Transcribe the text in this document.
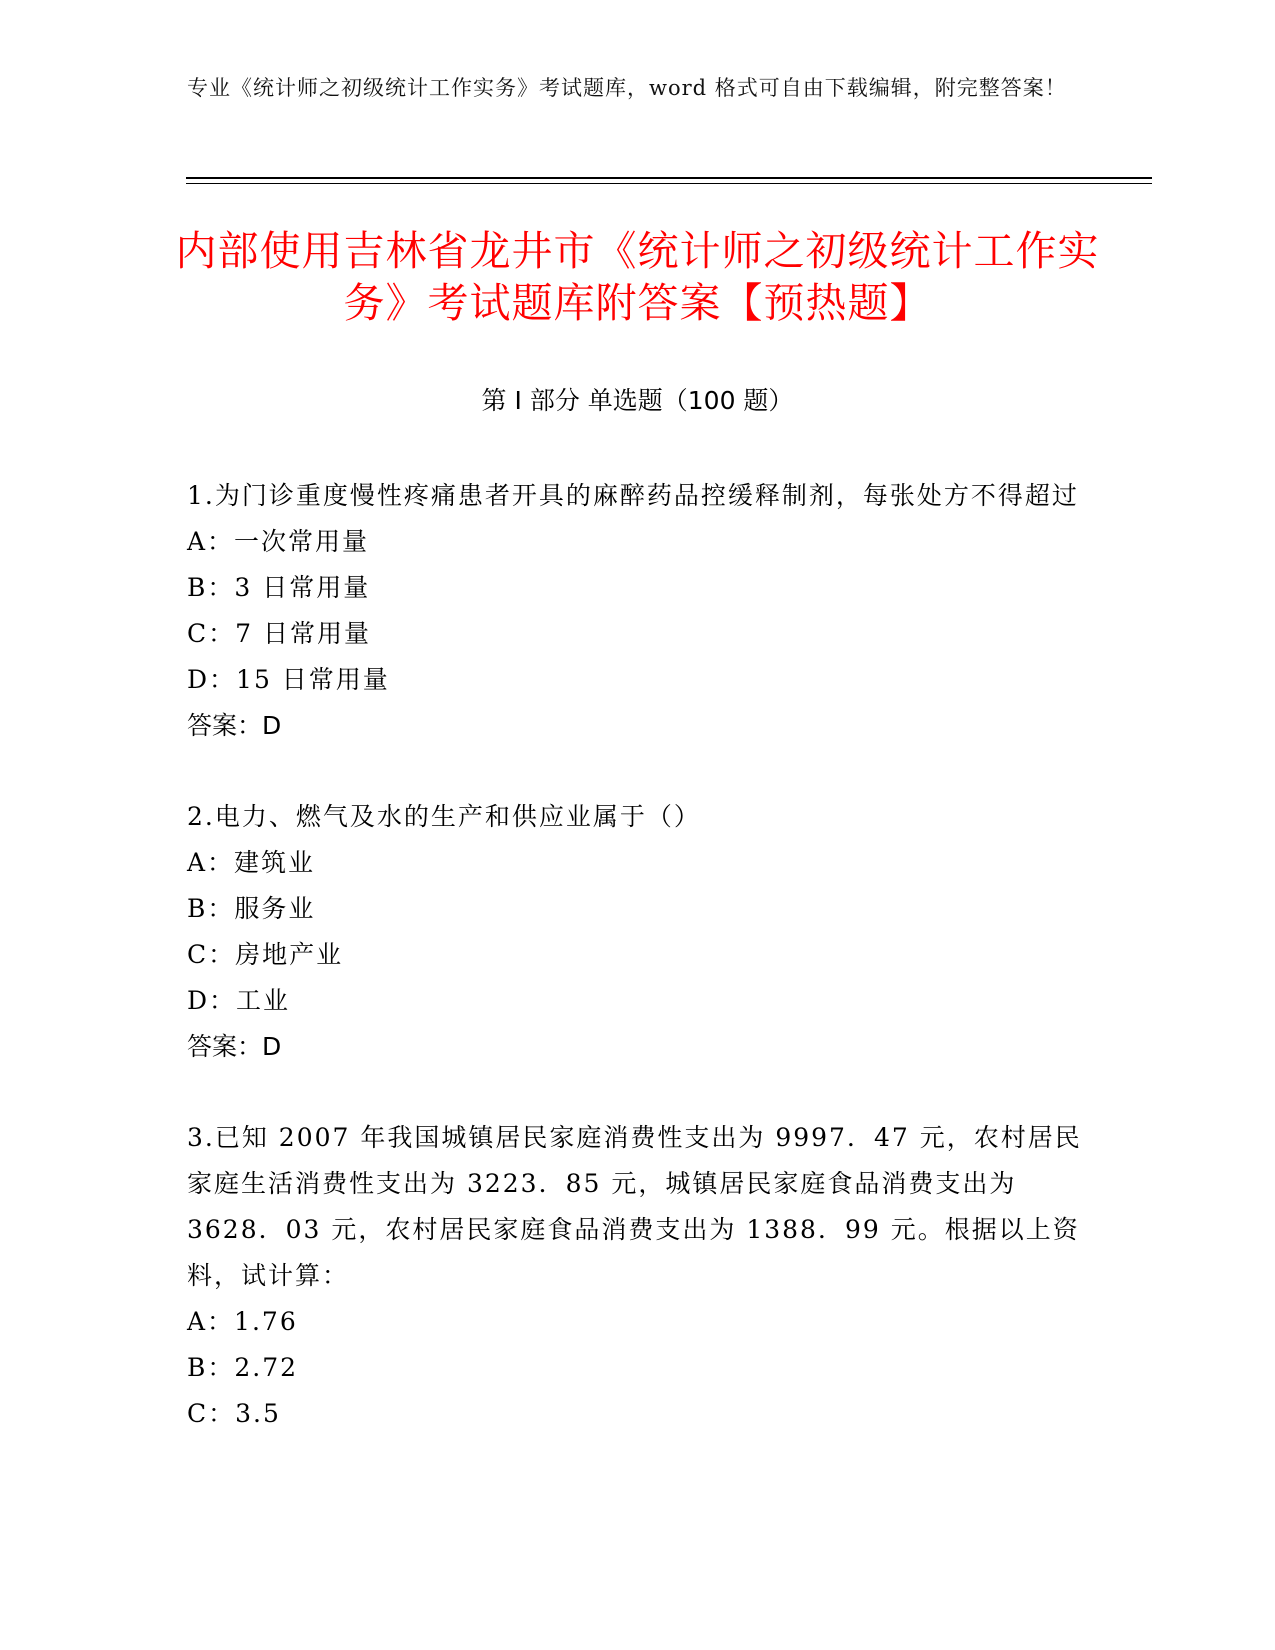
专业《统计师之初级统计工作实务》考试题库，word 格式可自由下载编辑，附完整答案！
内部使用吉林省龙井市《统计师之初级统计工作实务》考试题库附答案【预热题】
第 I 部分 单选题（100 题）
1.为门诊重度慢性疼痛患者开具的麻醉药品控缓释制剂，每张处方不得超过
A：一次常用量
B：3 日常用量
C：7 日常用量
D：15 日常用量
答案：D
2.电力、燃气及水的生产和供应业属于（）
A：建筑业
B：服务业
C：房地产业
D：工业
答案：D
3.已知 2007 年我国城镇居民家庭消费性支出为 9997．47 元，农村居民家庭生活消费性支出为 3223．85 元，城镇居民家庭食品消费支出为 3628．03 元，农村居民家庭食品消费支出为 1388．99 元。根据以上资料，试计算：
A：1.76
B：2.72
C：3.5
